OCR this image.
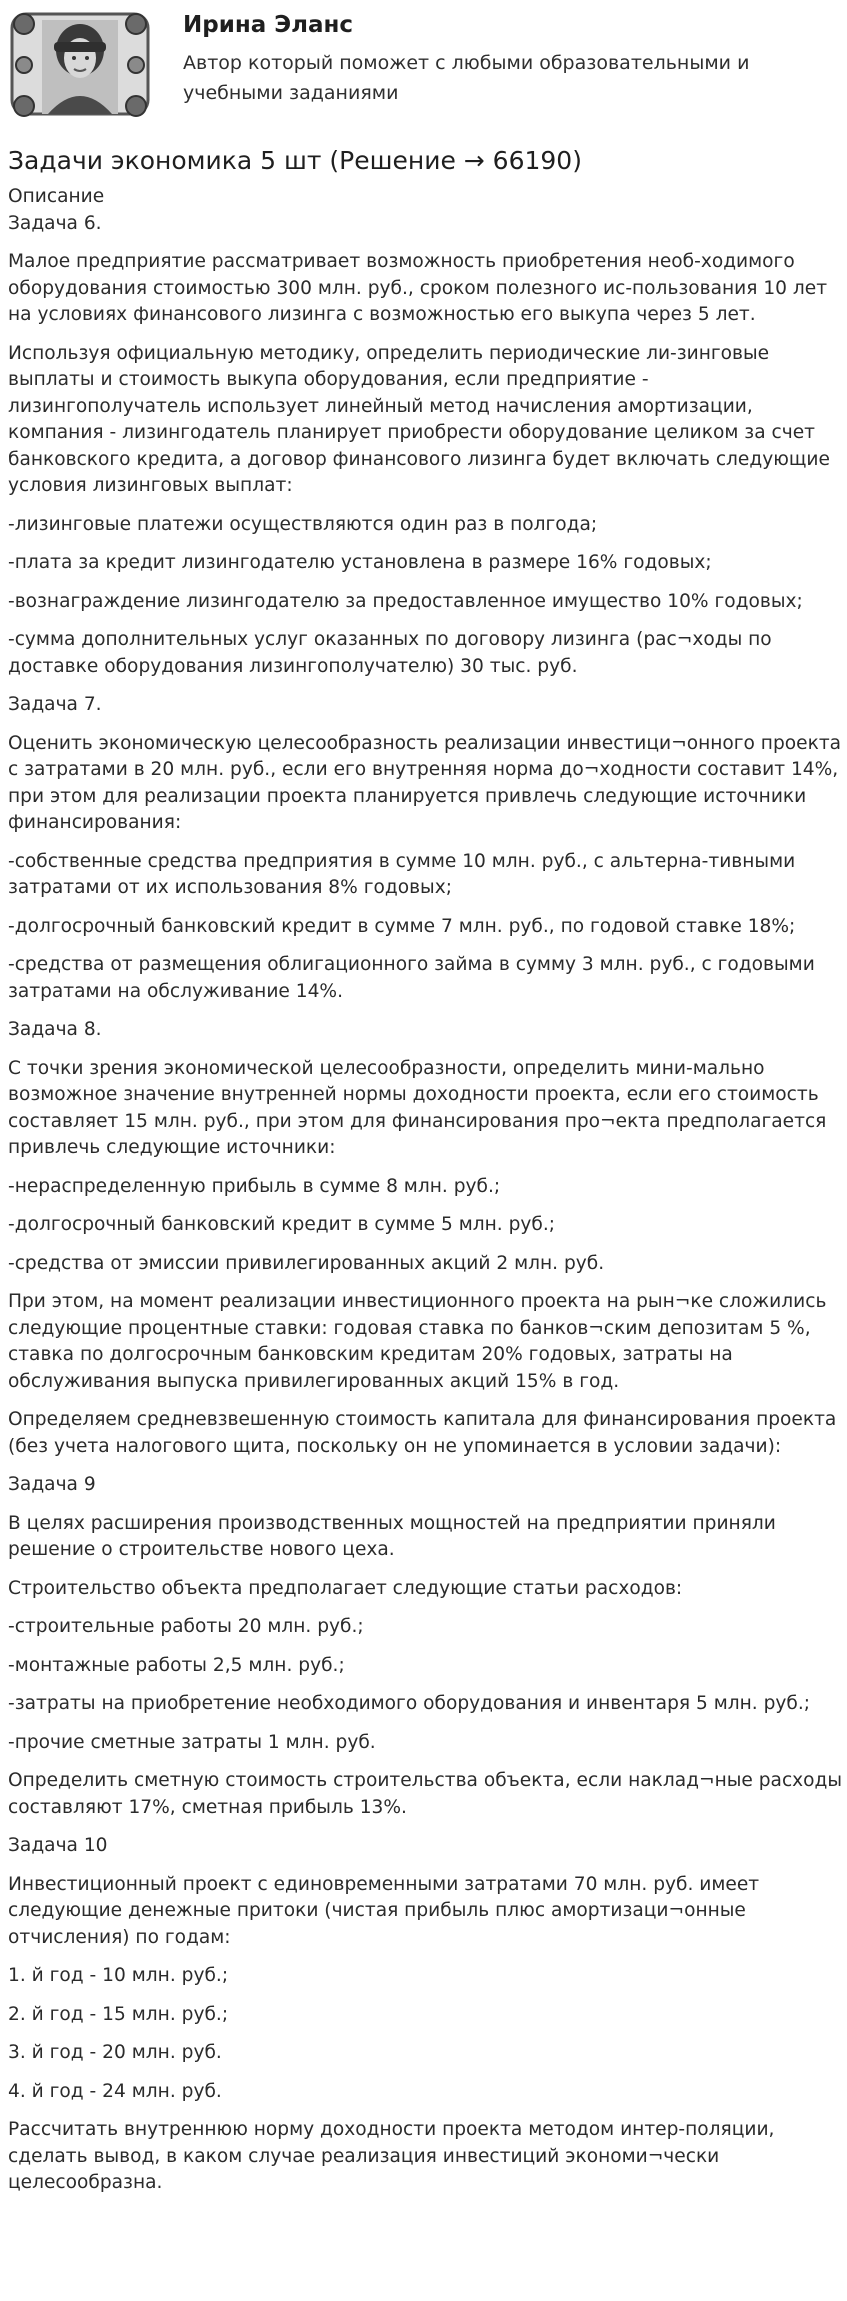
Ирина Эланс
Автор который поможет с любыми образовательными и учебными заданиями
Задачи экономика 5 шт (Решение → 66190)

Описание

Задача 6.

Малое предприятие рассматривает возможность приобретения необ-ходимого оборудования стоимостью 300 млн. руб., сроком полезного ис-пользования 10 лет на условиях финансового лизинга с возможностью его выкупа через 5 лет.

Используя официальную методику, определить периодические ли-зинговые выплаты и стоимость выкупа оборудования, если предприятие - лизингополучатель использует линейный метод начисления амортизации, компания - лизингодатель планирует приобрести оборудование целиком за счет банковского кредита, а договор финансового лизинга будет включать следующие условия лизинговых выплат:

-лизинговые платежи осуществляются один раз в полгода;

-плата за кредит лизингодателю установлена в размере 16% годовых;

-вознаграждение лизингодателю за предоставленное имущество 10% годовых;

-сумма дополнительных услуг оказанных по договору лизинга (рас¬ходы по доставке оборудования лизингополучателю) 30 тыс. руб.

Задача 7.

Оценить экономическую целесообразность реализации инвестици¬онного проекта с затратами в 20 млн. руб., если его внутренняя норма до¬ходности составит 14%, при этом для реализации проекта планируется привлечь следующие источники финансирования:

-собственные средства предприятия в сумме 10 млн. руб., с альтерна-тивными затратами от их использования 8% годовых;

-долгосрочный банковский кредит в сумме 7 млн. руб., по годовой ставке 18%;

-средства от размещения облигационного займа в сумму 3 млн. руб., с годовыми затратами на обслуживание 14%.

Задача 8.

С точки зрения экономической целесообразности, определить мини-мально возможное значение внутренней нормы доходности проекта, если его стоимость составляет 15 млн. руб., при этом для финансирования про¬екта предполагается привлечь следующие источники:

-нераспределенную прибыль в сумме 8 млн. руб.;

-долгосрочный банковский кредит в сумме 5 млн. руб.;

-средства от эмиссии привилегированных акций 2 млн. руб.

При этом, на момент реализации инвестиционного проекта на рын¬ке сложились следующие процентные ставки: годовая ставка по банков¬ским депозитам 5 %, ставка по долгосрочным банковским кредитам 20% годовых, затраты на обслуживания выпуска привилегированных акций 15% в год.

Определяем средневзвешенную стоимость капитала для финансирования проекта (без учета налогового щита, поскольку он не упоминается в условии задачи):

Задача 9

В целях расширения производственных мощностей на предприятии приняли решение о строительстве нового цеха.

Строительство объекта предполагает следующие статьи расходов:

-строительные работы 20 млн. руб.;

-монтажные работы 2,5 млн. руб.;

-затраты на приобретение необходимого оборудования и инвентаря 5 млн. руб.;

-прочие сметные затраты 1 млн. руб.

Определить сметную стоимость строительства объекта, если наклад¬ные расходы составляют 17%, сметная прибыль 13%.

Задача 10

Инвестиционный проект с единовременными затратами 70 млн. руб. имеет следующие денежные притоки (чистая прибыль плюс амортизаци¬онные отчисления) по годам:

1. й год - 10 млн. руб.;

2. й год - 15 млн. руб.;

3. й год - 20 млн. руб.

4. й год - 24 млн. руб.

Рассчитать внутреннюю норму доходности проекта методом интер-поляции, сделать вывод, в каком случае реализация инвестиций экономи¬чески целесообразна.
